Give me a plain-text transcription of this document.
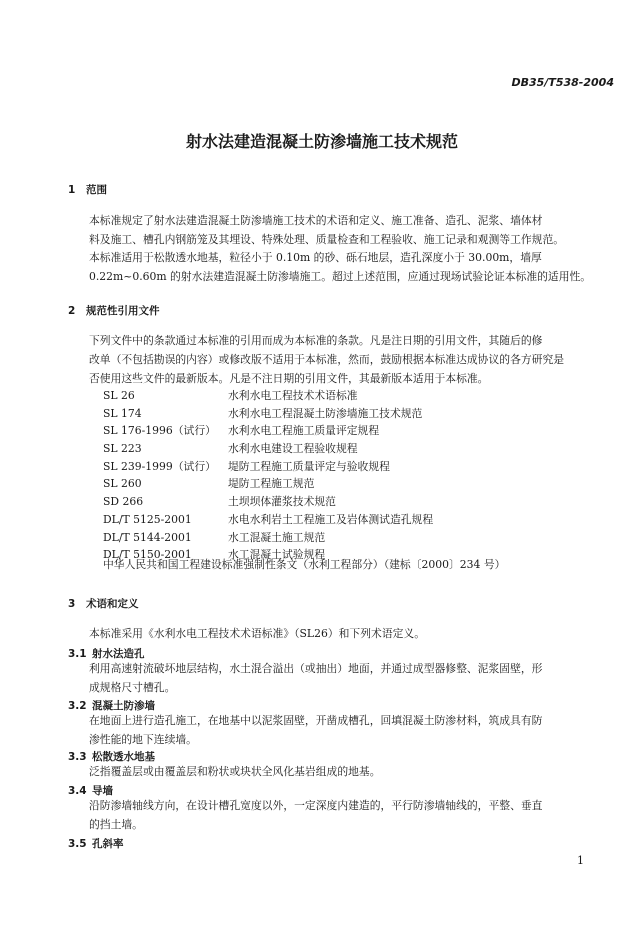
DB35/T538-2004
射水法建造混凝土防渗墙施工技术规范
1 范围
本标准规定了射水法建造混凝土防渗墙施工技术的术语和定义、施工准备、造孔、泥浆、墙体材
料及施工、槽孔内钢筋笼及其埋设、特殊处理、质量检查和工程验收、施工记录和观测等工作规范。
本标准适用于松散透水地基，粒径小于 0.10m 的砂、砾石地层，造孔深度小于 30.00m，墙厚
0.22m~0.60m 的射水法建造混凝土防渗墙施工。超过上述范围，应通过现场试验论证本标准的适用性。
2 规范性引用文件
下列文件中的条款通过本标准的引用而成为本标准的条款。凡是注日期的引用文件，其随后的修
改单（不包括勘误的内容）或修改版不适用于本标准，然而，鼓励根据本标准达成协议的各方研究是
否使用这些文件的最新版本。凡是不注日期的引用文件，其最新版本适用于本标准。
SL 26	水利水电工程技术术语标准
SL 174	水利水电工程混凝土防渗墙施工技术规范
SL 176-1996（试行） 水利水电工程施工质量评定规程
SL 223	水利水电建设工程验收规程
SL 239-1999（试行） 堤防工程施工质量评定与验收规程
SL 260	堤防工程施工规范
SD 266	土坝坝体灌浆技术规范
DL/T 5125-2001	水电水利岩土工程施工及岩体测试造孔规程
DL/T 5144-2001	水工混凝土施工规范
DL/T 5150-2001	水工混凝土试验规程
中华人民共和国工程建设标准强制性条文（水利工程部分）（建标〔2000〕234 号）
3 术语和定义
本标准采用《水利水电工程技术术语标准》（SL26）和下列术语定义。
3.1 射水法造孔
利用高速射流破坏地层结构，水土混合溢出（或抽出）地面，并通过成型器修整、泥浆固壁，形
成规格尺寸槽孔。
3.2 混凝土防渗墙
在地面上进行造孔施工，在地基中以泥浆固壁，开凿成槽孔，回填混凝土防渗材料，筑成具有防
渗性能的地下连续墙。
3.3 松散透水地基
泛指覆盖层或由覆盖层和粉状或块状全风化基岩组成的地基。
3.4 导墙
沿防渗墙轴线方向，在设计槽孔宽度以外，一定深度内建造的，平行防渗墙轴线的，平整、垂直
的挡土墙。
3.5 孔斜率
1
